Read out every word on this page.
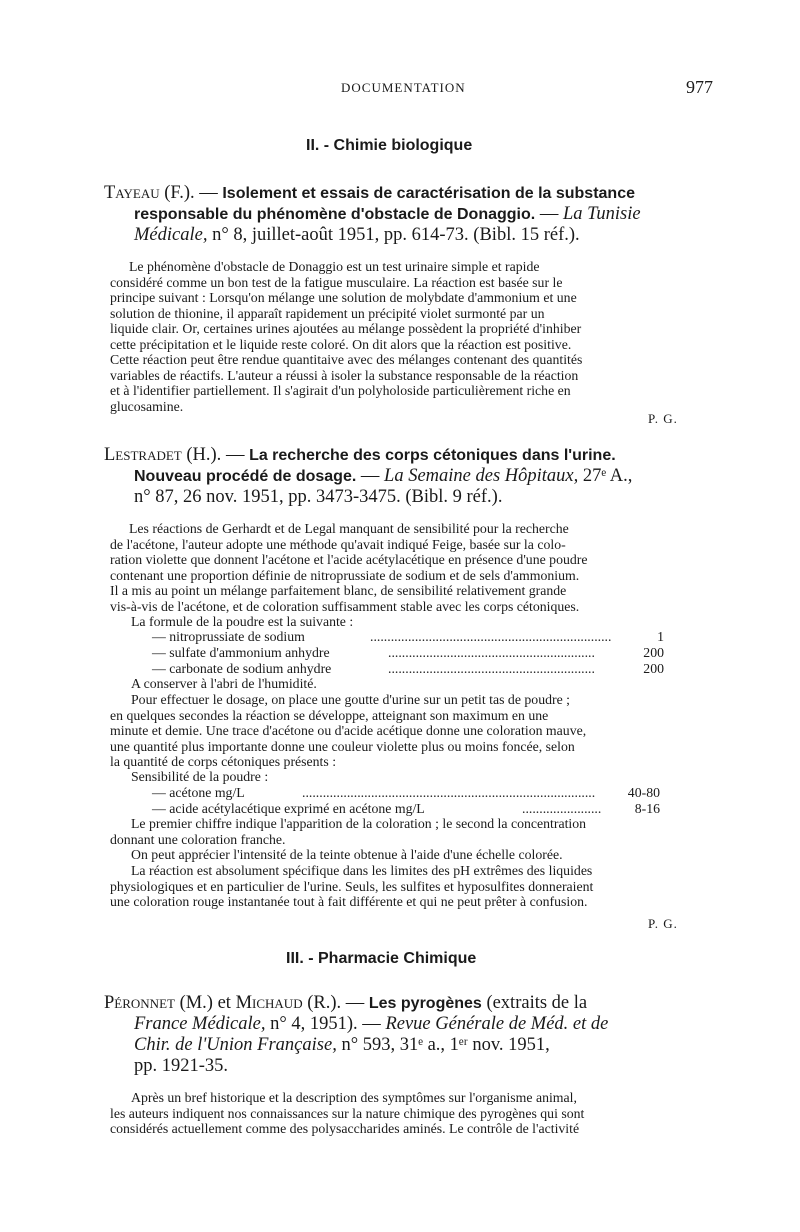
DOCUMENTATION	977
II. - Chimie biologique
Tayeau (F.). — Isolement et essais de caractérisation de la substance
responsable du phénomène d'obstacle de Donaggio. — La Tunisie
Médicale, n° 8, juillet-août 1951, pp. 614-73. (Bibl. 15 réf.).
Le phénomène d'obstacle de Donaggio est un test urinaire simple et rapide
considéré comme un bon test de la fatigue musculaire. La réaction est basée sur le
principe suivant : Lorsqu'on mélange une solution de molybdate d'ammonium et une
solution de thionine, il apparaît rapidement un précipité violet surmonté par un
liquide clair. Or, certaines urines ajoutées au mélange possèdent la propriété d'inhiber
cette précipitation et le liquide reste coloré. On dit alors que la réaction est positive.
Cette réaction peut être rendue quantitaive avec des mélanges contenant des quantités
variables de réactifs. L'auteur a réussi à isoler la substance responsable de la réaction
et à l'identifier partiellement. Il s'agirait d'un polyholoside particulièrement riche en
glucosamine.
P. G.
Lestradet (H.). — La recherche des corps cétoniques dans l'urine.
Nouveau procédé de dosage. — La Semaine des Hôpitaux, 27ᵉ A.,
n° 87, 26 nov. 1951, pp. 3473-3475. (Bibl. 9 réf.).
Les réactions de Gerhardt et de Legal manquant de sensibilité pour la recherche
de l'acétone, l'auteur adopte une méthode qu'avait indiqué Feige, basée sur la colo-
ration violette que donnent l'acétone et l'acide acétylacétique en présence d'une poudre
contenant une proportion définie de nitroprussiate de sodium et de sels d'ammonium.
Il a mis au point un mélange parfaitement blanc, de sensibilité relativement grande
vis-à-vis de l'acétone, et de coloration suffisamment stable avec les corps cétoniques.
La formule de la poudre est la suivante :
— nitroprussiate de sodium	......................................................................	1
— sulfate d'ammonium anhydre	............................................................	200
— carbonate de sodium anhydre	............................................................	200
A conserver à l'abri de l'humidité.
Pour effectuer le dosage, on place une goutte d'urine sur un petit tas de poudre ;
en quelques secondes la réaction se développe, atteignant son maximum en une
minute et demie. Une trace d'acétone ou d'acide acétique donne une coloration mauve,
une quantité plus importante donne une couleur violette plus ou moins foncée, selon
la quantité de corps cétoniques présents :
Sensibilité de la poudre :
— acétone mg/L	.....................................................................................	40-80
— acide acétylacétique exprimé en acétone mg/L	....................... 8-16
Le premier chiffre indique l'apparition de la coloration ; le second la concentration
donnant une coloration franche.
On peut apprécier l'intensité de la teinte obtenue à l'aide d'une échelle colorée.
La réaction est absolument spécifique dans les limites des pH extrêmes des liquides
physiologiques et en particulier de l'urine. Seuls, les sulfites et hyposulfites donneraient
une coloration rouge instantanée tout à fait différente et qui ne peut prêter à confusion.
P. G.
III. - Pharmacie Chimique
Péronnet (M.) et Michaud (R.). — Les pyrogènes (extraits de la
France Médicale, n° 4, 1951). — Revue Générale de Méd. et de
Chir. de l'Union Française, n° 593, 31ᵉ a., 1ᵉʳ nov. 1951,
pp. 1921-35.
Après un bref historique et la description des symptômes sur l'organisme animal,
les auteurs indiquent nos connaissances sur la nature chimique des pyrogènes qui sont
considérés actuellement comme des polysaccharides aminés. Le contrôle de l'activité
